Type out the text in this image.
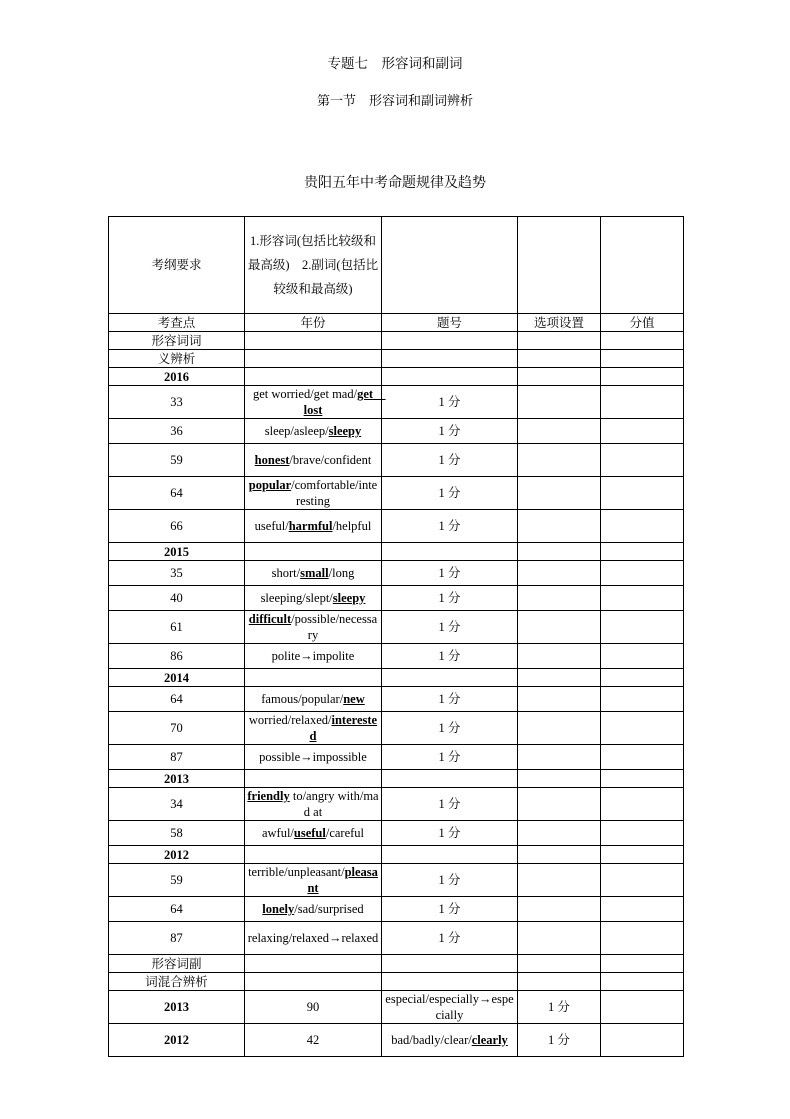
专题七　形容词和副词
第一节　形容词和副词辨析
贵阳五年中考命题规律及趋势
考纲要求	1.形容词(包括比较级和最高级)　2.副词(包括比较级和最高级)			
考查点	年份	题号	选项设置	分值
形容词词				
义辨析				
2016				
33	get worried/get mad/get　lost	1 分		
36	sleep/asleep/sleepy	1 分		
59	honest/brave/confident	1 分		
64	popular/comfortable/interesting	1 分		
66	useful/harmful/helpful	1 分		
2015				
35	short/small/long	1 分		
40	sleeping/slept/sleepy	1 分		
61	difficult/possible/necessary	1 分		
86	polite→impolite	1 分		
2014				
64	famous/popular/new	1 分		
70	worried/relaxed/interested	1 分		
87	possible→impossible	1 分		
2013				
34	friendly to/angry with/mad at	1 分		
58	awful/useful/careful	1 分		
2012				
59	terrible/unpleasant/pleasant	1 分		
64	lonely/sad/surprised	1 分		
87	relaxing/relaxed→relaxed	1 分		
形容词副				
词混合辨析				
2013	90	especial/especially→especially	1 分	
2012	42	bad/badly/clear/clearly	1 分	
